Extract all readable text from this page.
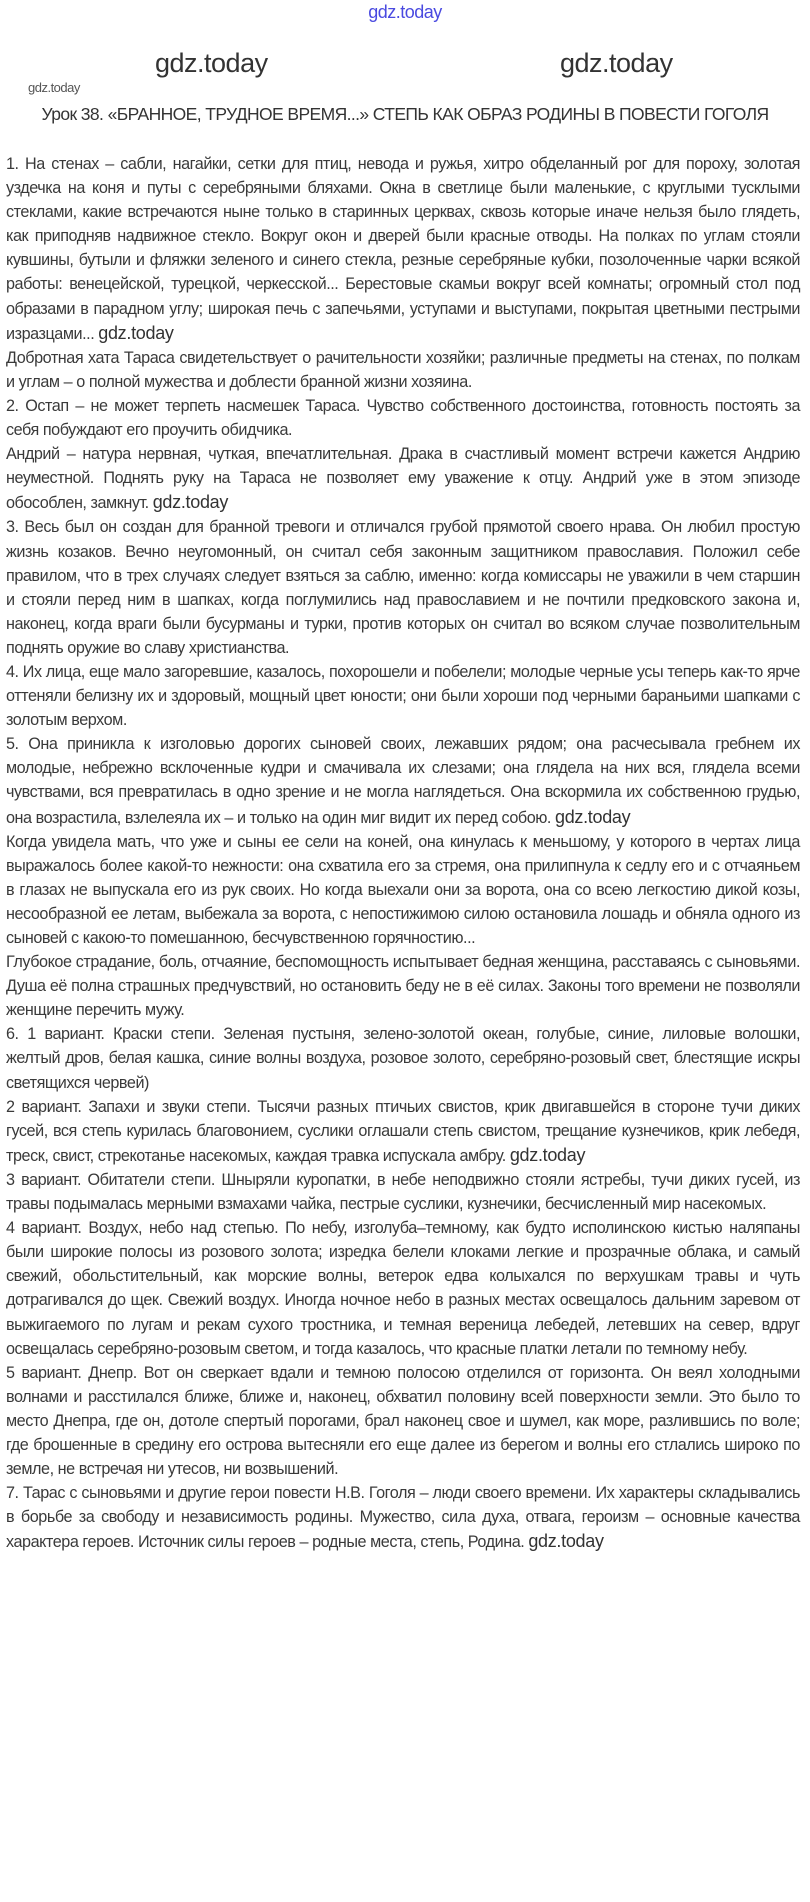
gdz.today
gdz.today	gdz.today
gdz.today
Урок 38. «БРАННОЕ, ТРУДНОЕ ВРЕМЯ...» СТЕПЬ КАК ОБРАЗ РОДИНЫ В ПОВЕСТИ ГОГОЛЯ

1. На стенах – сабли, нагайки, сетки для птиц, невода и ружья, хитро обделанный рог для пороху, золотая уздечка на коня и путы с серебряными бляхами. Окна в светлице были маленькие, с круглыми тусклыми стеклами, какие встречаются ныне только в старинных церквах, сквозь которые иначе нельзя было глядеть, как приподняв надвижное стекло. Вокруг окон и дверей были красные отводы. На полках по углам стояли кувшины, бутыли и фляжки зеленого и синего стекла, резные серебряные кубки, позолоченные чарки всякой работы: венецейской, турецкой, черкесской... Берестовые скамьи вокруг всей комнаты; огромный стол под образами в парадном углу; широкая печь с запечьями, уступами и выступами, покрытая цветными пестрыми изразцами... gdz.today

Добротная хата Тараса свидетельствует о рачительности хозяйки; различные предметы на стенах, по полкам и углам – о полной мужества и доблести бранной жизни хозяина.

2. Остап – не может терпеть насмешек Тараса. Чувство собственного достоинства, готовность постоять за себя побуждают его проучить обидчика.

Андрий – натура нервная, чуткая, впечатлительная. Драка в счастливый момент встречи кажется Андрию неуместной. Поднять руку на Тараса не позволяет ему уважение к отцу. Андрий уже в этом эпизоде обособлен, замкнут. gdz.today

3. Весь был он создан для бранной тревоги и отличался грубой прямотой своего нрава. Он любил простую жизнь козаков. Вечно неугомонный, он считал себя законным защитником православия. Положил себе правилом, что в трех случаях следует взяться за саблю, именно: когда комиссары не уважили в чем старшин и стояли перед ним в шапках, когда поглумились над православием и не почтили предковского закона и, наконец, когда враги были бусурманы и турки, против которых он считал во всяком случае позволительным поднять оружие во славу христианства.

4. Их лица, еще мало загоревшие, казалось, похорошели и побелели; молодые черные усы теперь как-то ярче оттеняли белизну их и здоровый, мощный цвет юности; они были хороши под черными бараньими шапками с золотым верхом.

5. Она приникла к изголовью дорогих сыновей своих, лежавших рядом; она расчесывала гребнем их молодые, небрежно всклоченные кудри и смачивала их слезами; она глядела на них вся, глядела всеми чувствами, вся превратилась в одно зрение и не могла наглядеться. Она вскормила их собственною грудью, она возрастила, взлелеяла их – и только на один миг видит их перед собою. gdz.today

Когда увидела мать, что уже и сыны ее сели на коней, она кинулась к меньшому, у которого в чертах лица выражалось более какой-то нежности: она схватила его за стремя, она прилипнула к седлу его и с отчаяньем в глазах не выпускала его из рук своих. Но когда выехали они за ворота, она со всею легкостию дикой козы, несообразной ее летам, выбежала за ворота, с непостижимою силою остановила лошадь и обняла одного из сыновей с какою-то помешанною, бесчувственною горячностию...

Глубокое страдание, боль, отчаяние, беспомощность испытывает бедная женщина, расставаясь с сыновьями. Душа её полна страшных предчувствий, но остановить беду не в её силах. Законы того времени не позволяли женщине перечить мужу.

6. 1 вариант. Краски степи. Зеленая пустыня, зелено-золотой океан, голубые, синие, лиловые волошки, желтый дров, белая кашка, синие волны воздуха, розовое золото, серебряно-розовый свет, блестящие искры светящихся червей)

2 вариант. Запахи и звуки степи. Тысячи разных птичьих свистов, крик двигавшейся в стороне тучи диких гусей, вся степь курилась благовонием, суслики оглашали степь свистом, трещание кузнечиков, крик лебедя, треск, свист, стрекотанье насекомых, каждая травка испускала амбру. gdz.today

3 вариант. Обитатели степи. Шныряли куропатки, в небе неподвижно стояли ястребы, тучи диких гусей, из травы подымалась мерными взмахами чайка, пестрые суслики, кузнечики, бесчисленный мир насекомых.

4 вариант. Воздух, небо над степью. По небу, изголуба–темному, как будто исполинскою кистью наляпаны были широкие полосы из розового золота; изредка белели клоками легкие и прозрачные облака, и самый свежий, обольстительный, как морские волны, ветерок едва колыхался по верхушкам травы и чуть дотрагивался до щек. Свежий воздух. Иногда ночное небо в разных местах освещалось дальним заревом от выжигаемого по лугам и рекам сухого тростника, и темная вереница лебедей, летевших на север, вдруг освещалась серебряно-розовым светом, и тогда казалось, что красные платки летали по темному небу.

5 вариант. Днепр. Вот он сверкает вдали и темною полосою отделился от горизонта. Он веял холодными волнами и расстилался ближе, ближе и, наконец, обхватил половину всей поверхности земли. Это было то место Днепра, где он, дотоле спертый порогами, брал наконец свое и шумел, как море, разлившись по воле; где брошенные в средину его острова вытесняли его еще далее из берегом и волны его стлались широко по земле, не встречая ни утесов, ни возвышений.

7. Тарас с сыновьями и другие герои повести Н.В. Гоголя – люди своего времени. Их характеры складывались в борьбе за свободу и независимость родины. Мужество, сила духа, отвага, героизм – основные качества характера героев. Источник силы героев – родные места, степь, Родина. gdz.today
